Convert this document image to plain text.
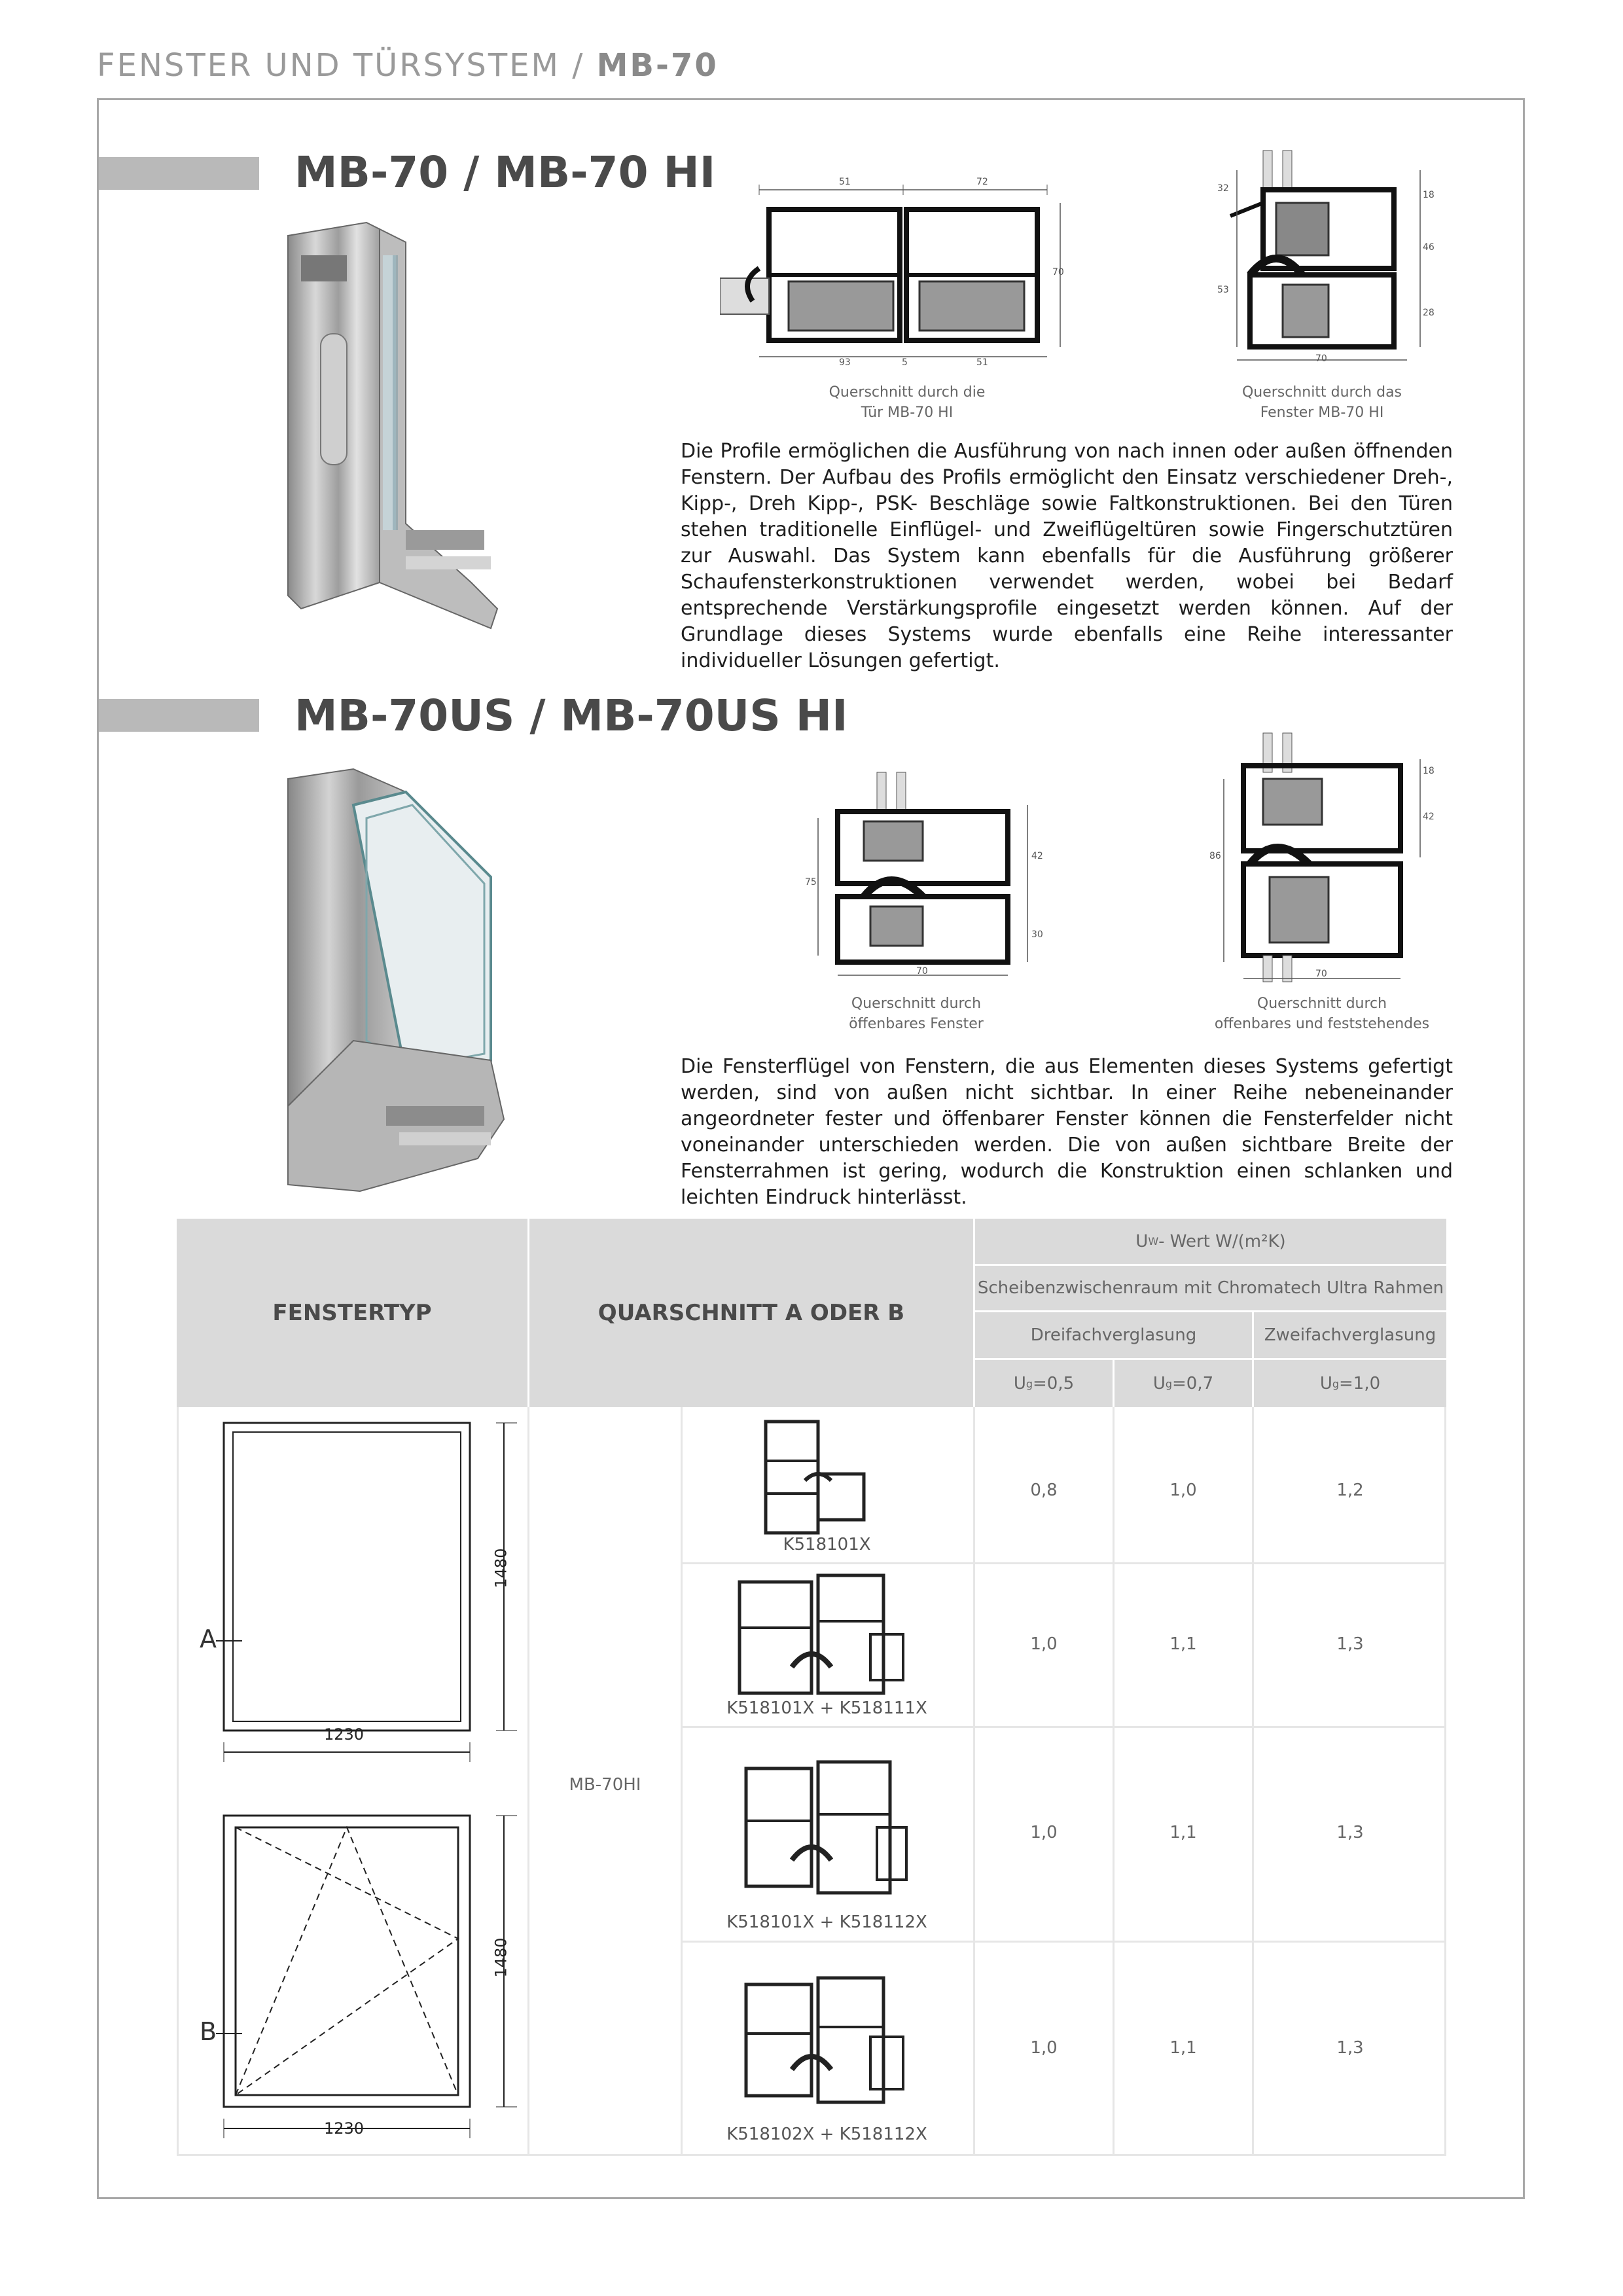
FENSTER UND TÜRSYSTEM / MB-70
MB-70 / MB-70 HI	51	72
93	5	51
70
Querschnitt durch die
Tür MB-70 HI
32
53
70
18
46
28
Querschnitt durch das
Fenster MB-70 HI
Die Profile ermöglichen die Ausführung von nach innen oder außen öffnenden Fenstern. Der Aufbau des Profils ermöglicht den Einsatz verschiedener Dreh-, Kipp-, Dreh Kipp-, PSK- Beschläge sowie Faltkonstruktionen. Bei den Türen stehen traditionelle Einflügel- und Zweiflügeltüren sowie Fingerschutztüren zur Auswahl. Das System kann ebenfalls für die Ausführung größerer Schaufensterkonstruktionen verwendet werden, wobei bei Bedarf entsprechende Verstärkungsprofile eingesetzt werden können. Auf der Grundlage dieses Systems wurde ebenfalls eine Reihe interessanter individueller Lösungen gefertigt.
MB-70US / MB-70US HI
75
70
42
30
Querschnitt durch
öffenbares Fenster
86
70
18
42
Querschnitt durch
offenbares und feststehendes
Die Fensterflügel von Fenstern, die aus Elementen dieses Systems gefertigt werden, sind von außen nicht sichtbar. In einer Reihe nebeneinander angeordneter fester und öffenbarer Fenster können die Fensterfelder nicht voneinander unterschieden werden. Die von außen sichtbare Breite der Fensterrahmen ist gering, wodurch die Konstruktion einen schlanken und leichten Eindruck hinterlässt.
FENSTERTYP	QUARSCHNITT A ODER B
U W - Wert W/(m²K)
Scheibenzwischenraum mit Chromatech Ultra Rahmen
Dreifachverglasung	Zweifachverglasung
U g =0,5	U g =0,7	U g =1,0
A
1480
1230
B
1480
1230
MB-70HI
K518101X
0,8	1,0	1,2
K518101X + K518111X
1,0	1,1	1,3
K518101X + K518112X
1,0	1,1	1,3
K518102X + K518112X
1,0	1,1	1,3
